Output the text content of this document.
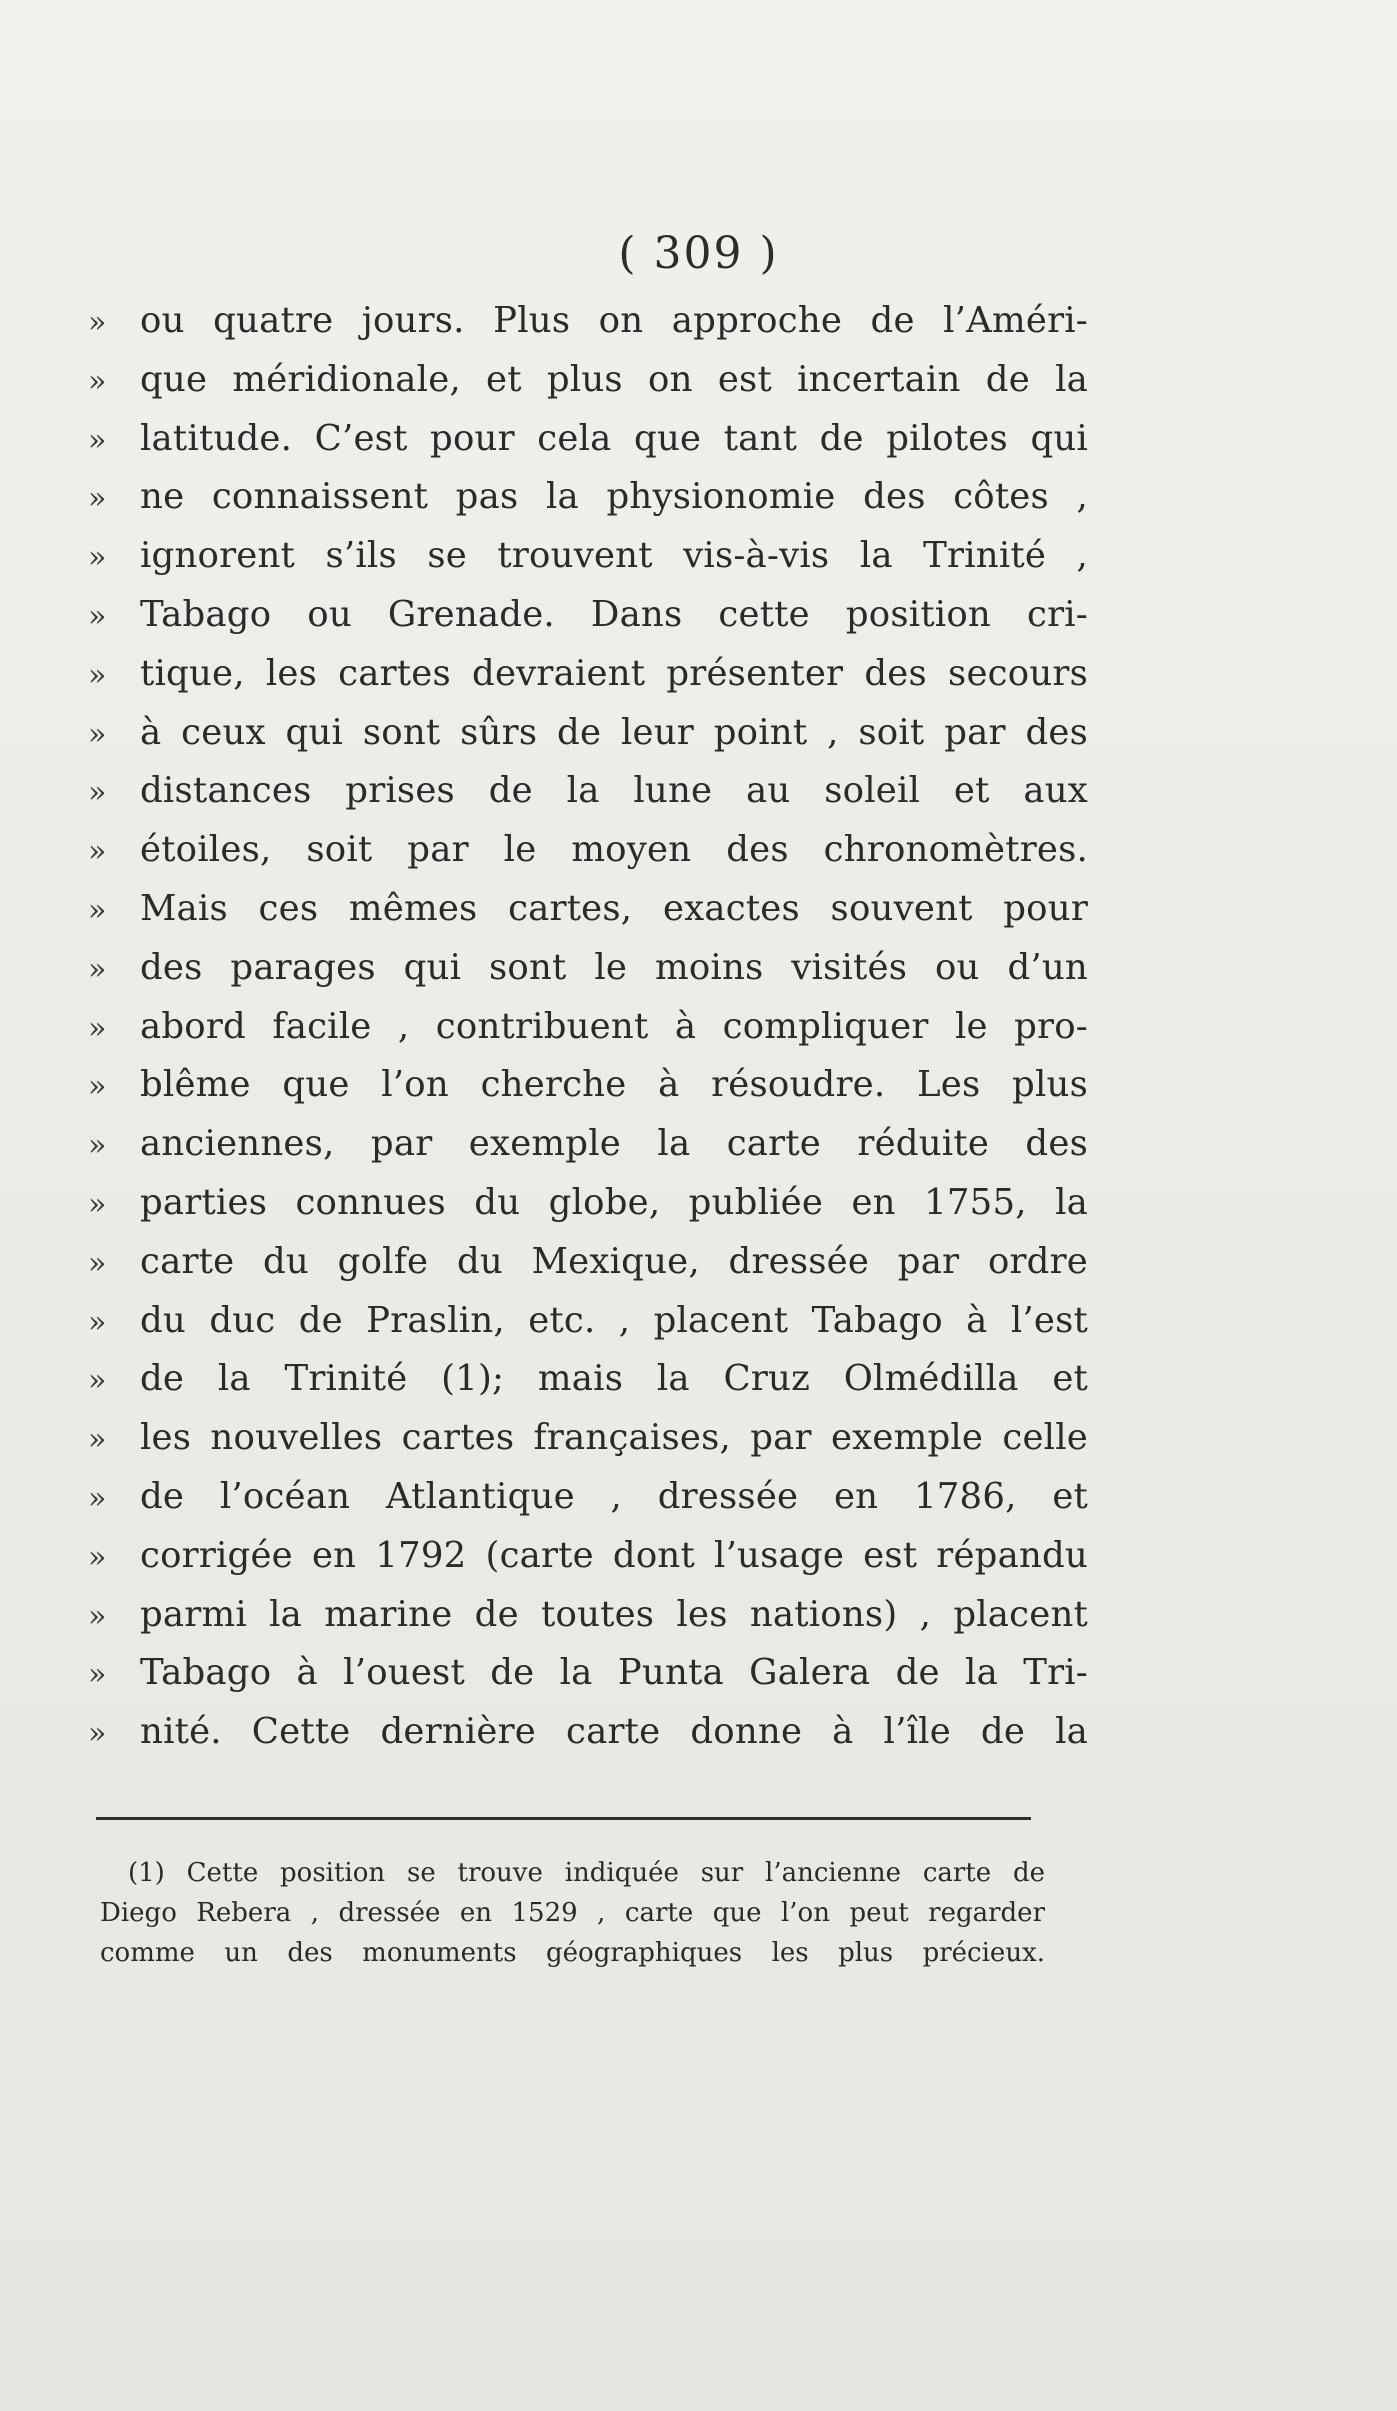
( 309 )
» ou quatre jours. Plus on approche de l’Améri-
» que méridionale, et plus on est incertain de la
» latitude. C’est pour cela que tant de pilotes qui
» ne connaissent pas la physionomie des côtes ,
» ignorent s’ils se trouvent vis-à-vis la Trinité ,
» Tabago ou Grenade. Dans cette position cri-
» tique, les cartes devraient présenter des secours
» à ceux qui sont sûrs de leur point , soit par des
» distances prises de la lune au soleil et aux
» étoiles, soit par le moyen des chronomètres.
» Mais ces mêmes cartes, exactes souvent pour
» des parages qui sont le moins visités ou d’un
» abord facile , contribuent à compliquer le pro-
» blême que l’on cherche à résoudre. Les plus
» anciennes, par exemple la carte réduite des
» parties connues du globe, publiée en 1755, la
» carte du golfe du Mexique, dressée par ordre
» du duc de Praslin, etc. , placent Tabago à l’est
» de la Trinité (1); mais la Cruz Olmédilla et
» les nouvelles cartes françaises, par exemple celle
» de l’océan Atlantique , dressée en 1786, et
» corrigée en 1792 (carte dont l’usage est répandu
» parmi la marine de toutes les nations) , placent
» Tabago à l’ouest de la Punta Galera de la Tri-
» nité. Cette dernière carte donne à l’île de la
(1) Cette position se trouve indiquée sur l’ancienne carte de
Diego Rebera , dressée en 1529 , carte que l’on peut regarder
comme un des monuments géographiques les plus précieux.
